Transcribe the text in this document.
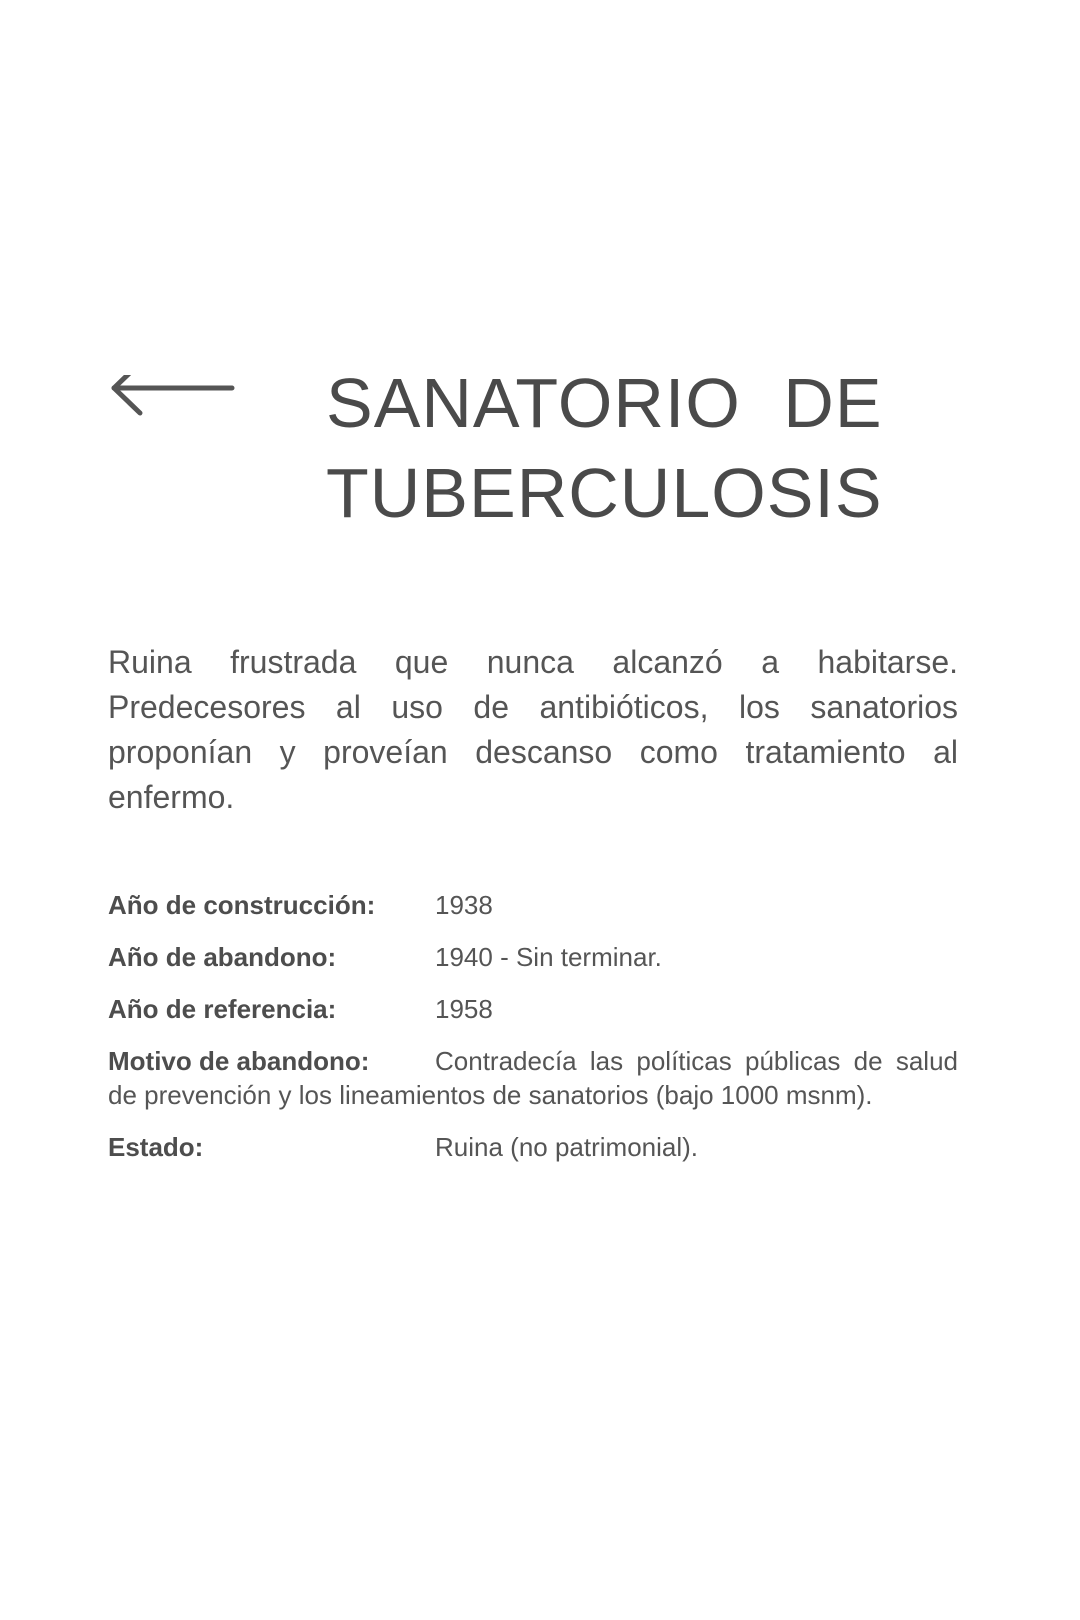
SANATORIO DE
TUBERCULOSIS

Ruina frustrada que nunca alcanzó a habitarse. Predecesores al uso de antibióticos, los sanatorios proponían y proveían descanso como tratamiento al enfermo.

Año de construcción: 1938
Año de abandono:	1940 - Sin terminar.
Año de referencia:	1958
Motivo de abandono:	Contradecía las políticas públicas de salud de prevención y los lineamientos de sanatorios (bajo 1000 msnm).
Estado:	Ruina (no patrimonial).
